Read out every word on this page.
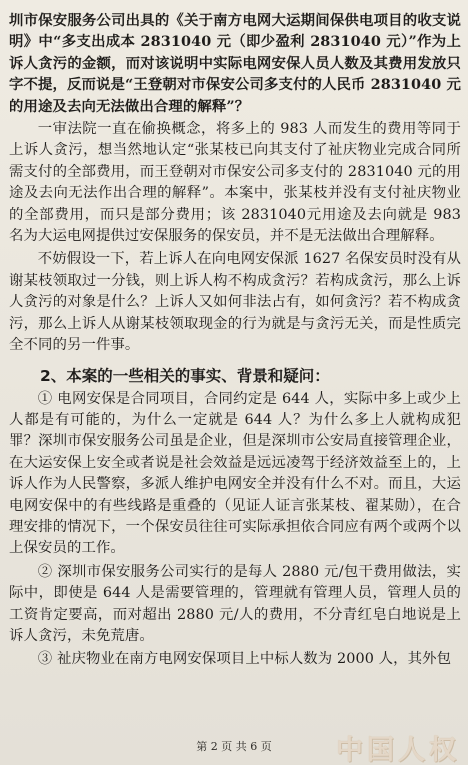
圳市保安服务公司出具的《关于南方电网大运期间保供电项目的收支说明》中“多支出成本 2831040 元（即少盈利 2831040 元）”作为上诉人贪污的金额，而对该说明中实际电网安保人员人数及其费用发放只字不提，反而说是“王登朝对市保安公司多支付的人民币 2831040 元的用途及去向无法做出合理的解释”？

一审法院一直在偷换概念，将多上的 983 人而发生的费用等同于上诉人贪污，想当然地认定“张某枝已向其支付了祉庆物业完成合同所需支付的全部费用，而王登朝对市保安公司多支付的 2831040 元的用途及去向无法作出合理的解释”。本案中，张某枝并没有支付祉庆物业的全部费用，而只是部分费用；该 2831040元用途及去向就是 983 名为大运电网提供过安保服务的保安员，并不是无法做出合理解释。

不妨假设一下，若上诉人在向电网安保派 1627 名保安员时没有从谢某枝领取过一分钱，则上诉人构不构成贪污？若构成贪污，那么上诉人贪污的对象是什么？上诉人又如何非法占有，如何贪污？若不构成贪污，那么上诉人从谢某枝领取现金的行为就是与贪污无关，而是性质完全不同的另一件事。

2、本案的一些相关的事实、背景和疑问：

① 电网安保是合同项目，合同约定是 644 人，实际中多上或少上人都是有可能的，为什么一定就是 644 人？为什么多上人就构成犯罪？深圳市保安服务公司虽是企业，但是深圳市公安局直接管理企业，在大运安保上安全或者说是社会效益是远远凌驾于经济效益至上的，上诉人作为人民警察，多派人维护电网安全并没有什么不对。而且，大运电网安保中的有些线路是重叠的（见证人证言张某枝、翟某勋），在合理安排的情况下，一个保安员往往可实际承担依合同应有两个或两个以上保安员的工作。

② 深圳市保安服务公司实行的是每人 2880 元/包干费用做法，实际中，即使是 644 人是需要管理的，管理就有管理人员，管理人员的工资肯定要高，而对超出 2880 元/人的费用，不分青红皂白地说是上诉人贪污，未免荒唐。

③ 祉庆物业在南方电网安保项目上中标人数为 2000 人，其外包

第 2 页 共 6 页	中国人权
